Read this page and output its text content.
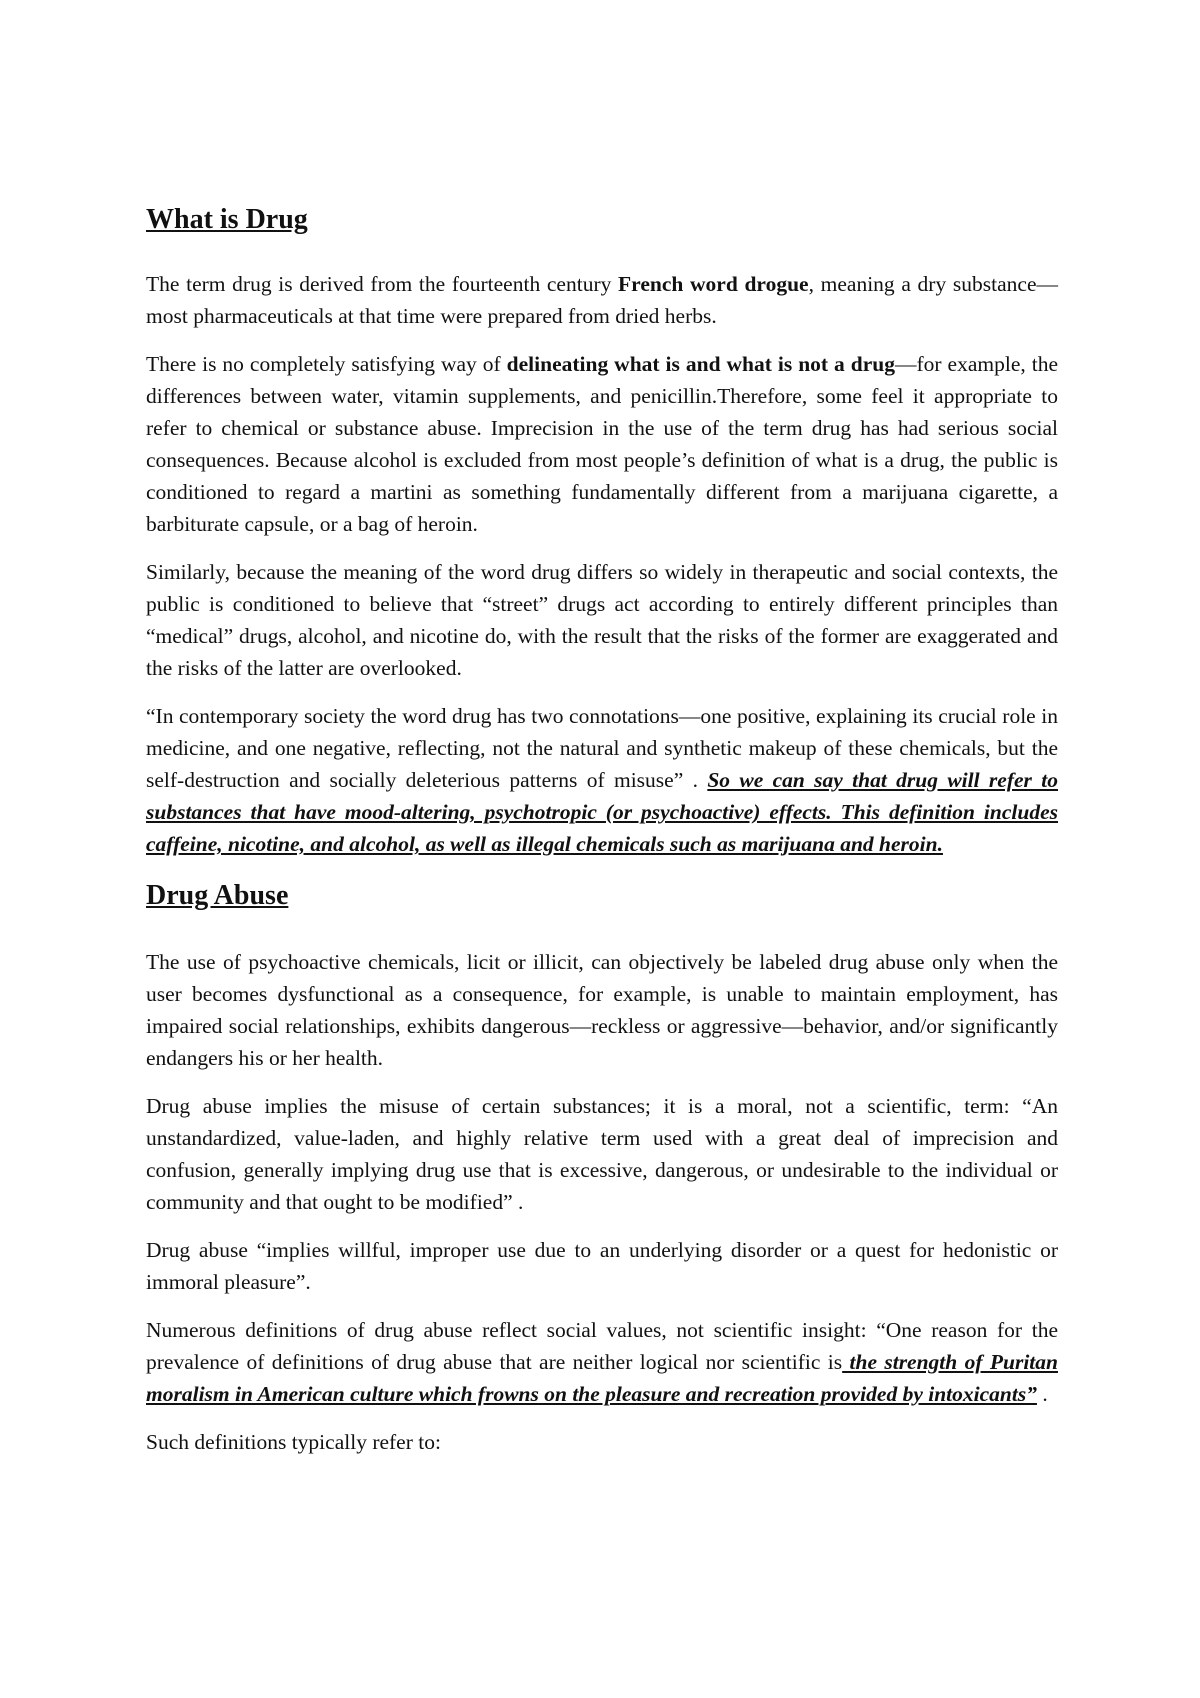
What is Drug

The term drug is derived from the fourteenth century French word drogue, meaning a dry substance—most pharmaceuticals at that time were prepared from dried herbs.

There is no completely satisfying way of delineating what is and what is not a drug—for example, the differences between water, vitamin supplements, and penicillin.Therefore, some feel it appropriate to refer to chemical or substance abuse. Imprecision in the use of the term drug has had serious social consequences. Because alcohol is excluded from most people’s definition of what is a drug, the public is conditioned to regard a martini as something fundamentally different from a marijuana cigarette, a barbiturate capsule, or a bag of heroin.

Similarly, because the meaning of the word drug differs so widely in therapeutic and social contexts, the public is conditioned to believe that “street” drugs act according to entirely different principles than “medical” drugs, alcohol, and nicotine do, with the result that the risks of the former are exaggerated and the risks of the latter are overlooked.

“In contemporary society the word drug has two connotations—one positive, explaining its crucial role in medicine, and one negative, reflecting, not the natural and synthetic makeup of these chemicals, but the self-destruction and socially deleterious patterns of misuse” . So we can say that drug will refer to substances that have mood-altering, psychotropic (or psychoactive) effects. This definition includes caffeine, nicotine, and alcohol, as well as illegal chemicals such as marijuana and heroin.

Drug Abuse

The use of psychoactive chemicals, licit or illicit, can objectively be labeled drug abuse only when the user becomes dysfunctional as a consequence, for example, is unable to maintain employment, has impaired social relationships, exhibits dangerous—reckless or aggressive—behavior, and/or significantly endangers his or her health.

Drug abuse implies the misuse of certain substances; it is a moral, not a scientific, term: “An unstandardized, value-laden, and highly relative term used with a great deal of imprecision and confusion, generally implying drug use that is excessive, dangerous, or undesirable to the individual or community and that ought to be modified” .

Drug abuse “implies willful, improper use due to an underlying disorder or a quest for hedonistic or immoral pleasure”.

Numerous definitions of drug abuse reflect social values, not scientific insight: “One reason for the prevalence of definitions of drug abuse that are neither logical nor scientific is the strength of Puritan moralism in American culture which frowns on the pleasure and recreation provided by intoxicants” .

Such definitions typically refer to:
